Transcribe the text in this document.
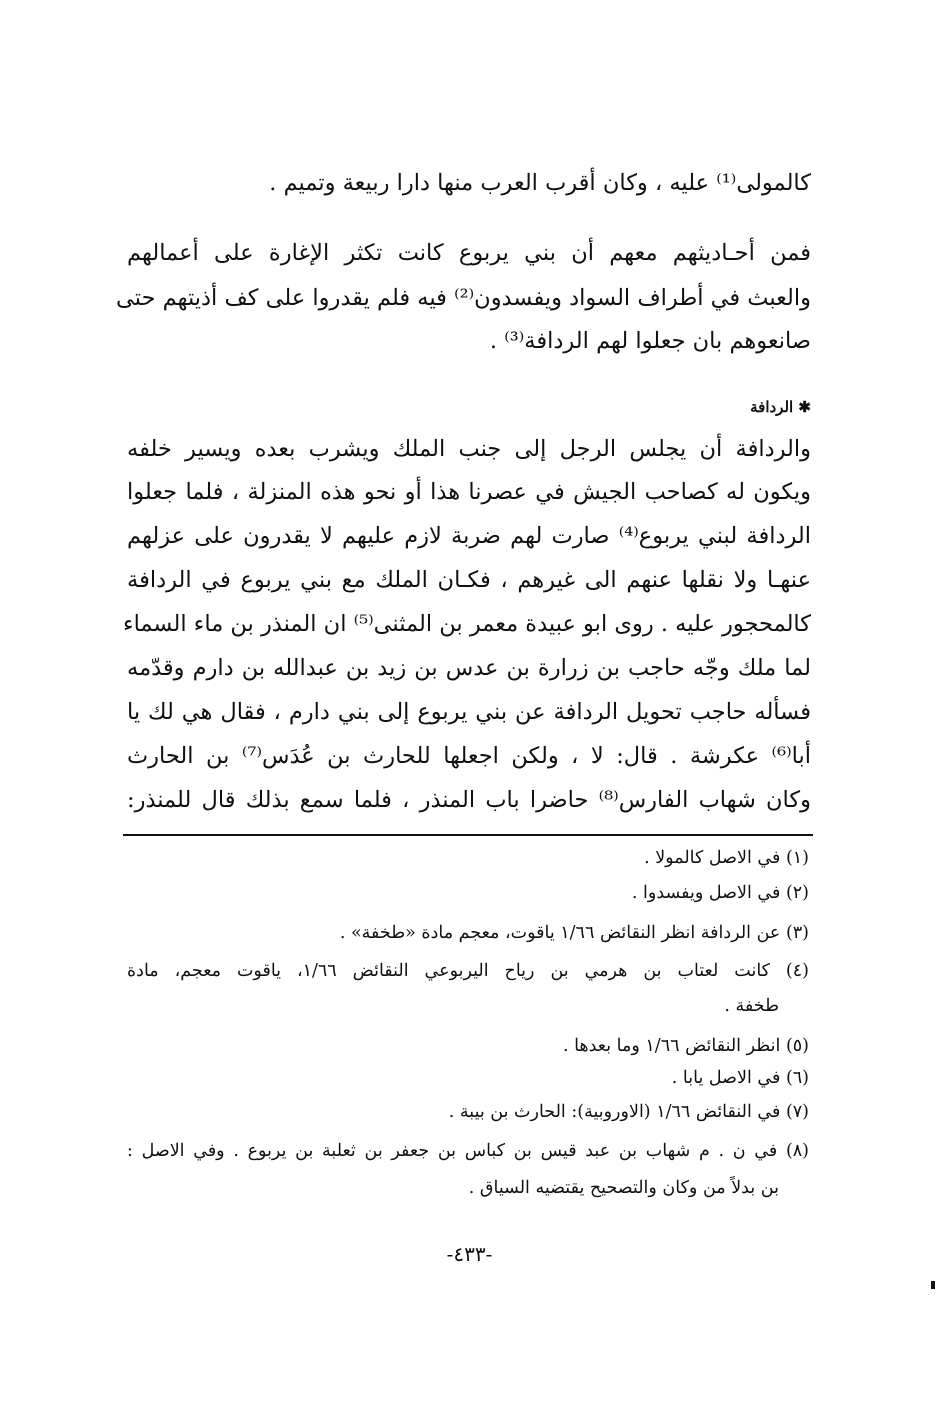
كالمولى⁽¹⁾ عليه ، وكان أقرب العرب منها دارا ربيعة وتميم .
فمن أحـاديثهم معهم أن بني يربوع كانت تكثر الإغارة على أعمالهم
والعبث في أطراف السواد ويفسدون⁽²⁾ فيه فلم يقدروا على كف أذيتهم حتى
صانعوهم بان جعلوا لهم الردافة⁽³⁾ .
✱ الردافة
والردافة أن يجلس الرجل إلى جنب الملك ويشرب بعده ويسير خلفه
ويكون له كصاحب الجيش في عصرنا هذا أو نحو هذه المنزلة ، فلما جعلوا
الردافة لبني يربوع⁽⁴⁾ صارت لهم ضربة لازم عليهم لا يقدرون على عزلهم
عنهـا ولا نقلها عنهم الى غيرهم ، فكـان الملك مع بني يربوع في الردافة
كالمحجور عليه . روى ابو عبيدة معمر بن المثنى⁽⁵⁾ ان المنذر بن ماء السماء
لما ملك وجّه حاجب بن زرارة بن عدس بن زيد بن عبدالله بن دارم وقدّمه
فسأله حاجب تحويل الردافة عن بني يربوع إلى بني دارم ، فقال هي لك يا
أبا⁽⁶⁾ عكرشة . قال: لا ، ولكن اجعلها للحارث بن عُدَس⁽⁷⁾ بن الحارث
وكان شهاب الفارس⁽⁸⁾ حاضرا باب المنذر ، فلما سمع بذلك قال للمنذر:
(١) في الاصل كالمولا .
(٢) في الاصل ويفسدوا .
(٣) عن الردافة انظر النقائض ١/٦٦ ياقوت، معجم مادة «طخفة» .
(٤) كانت لعتاب بن هرمي بن رياح اليربوعي النقائض ١/٦٦، ياقوت معجم، مادة
طخفة .
(٥) انظر النقائض ١/٦٦ وما بعدها .
(٦) في الاصل يابا .
(٧) في النقائض ١/٦٦ (الاوروبية): الحارث بن بيبة .
(٨) في ن . م شهاب بن عبد قيس بن كباس بن جعفر بن ثعلبة بن يربوع . وفي الاصل :
بن بدلاً من وكان والتصحيح يقتضيه السياق .
-٤٣٣-
